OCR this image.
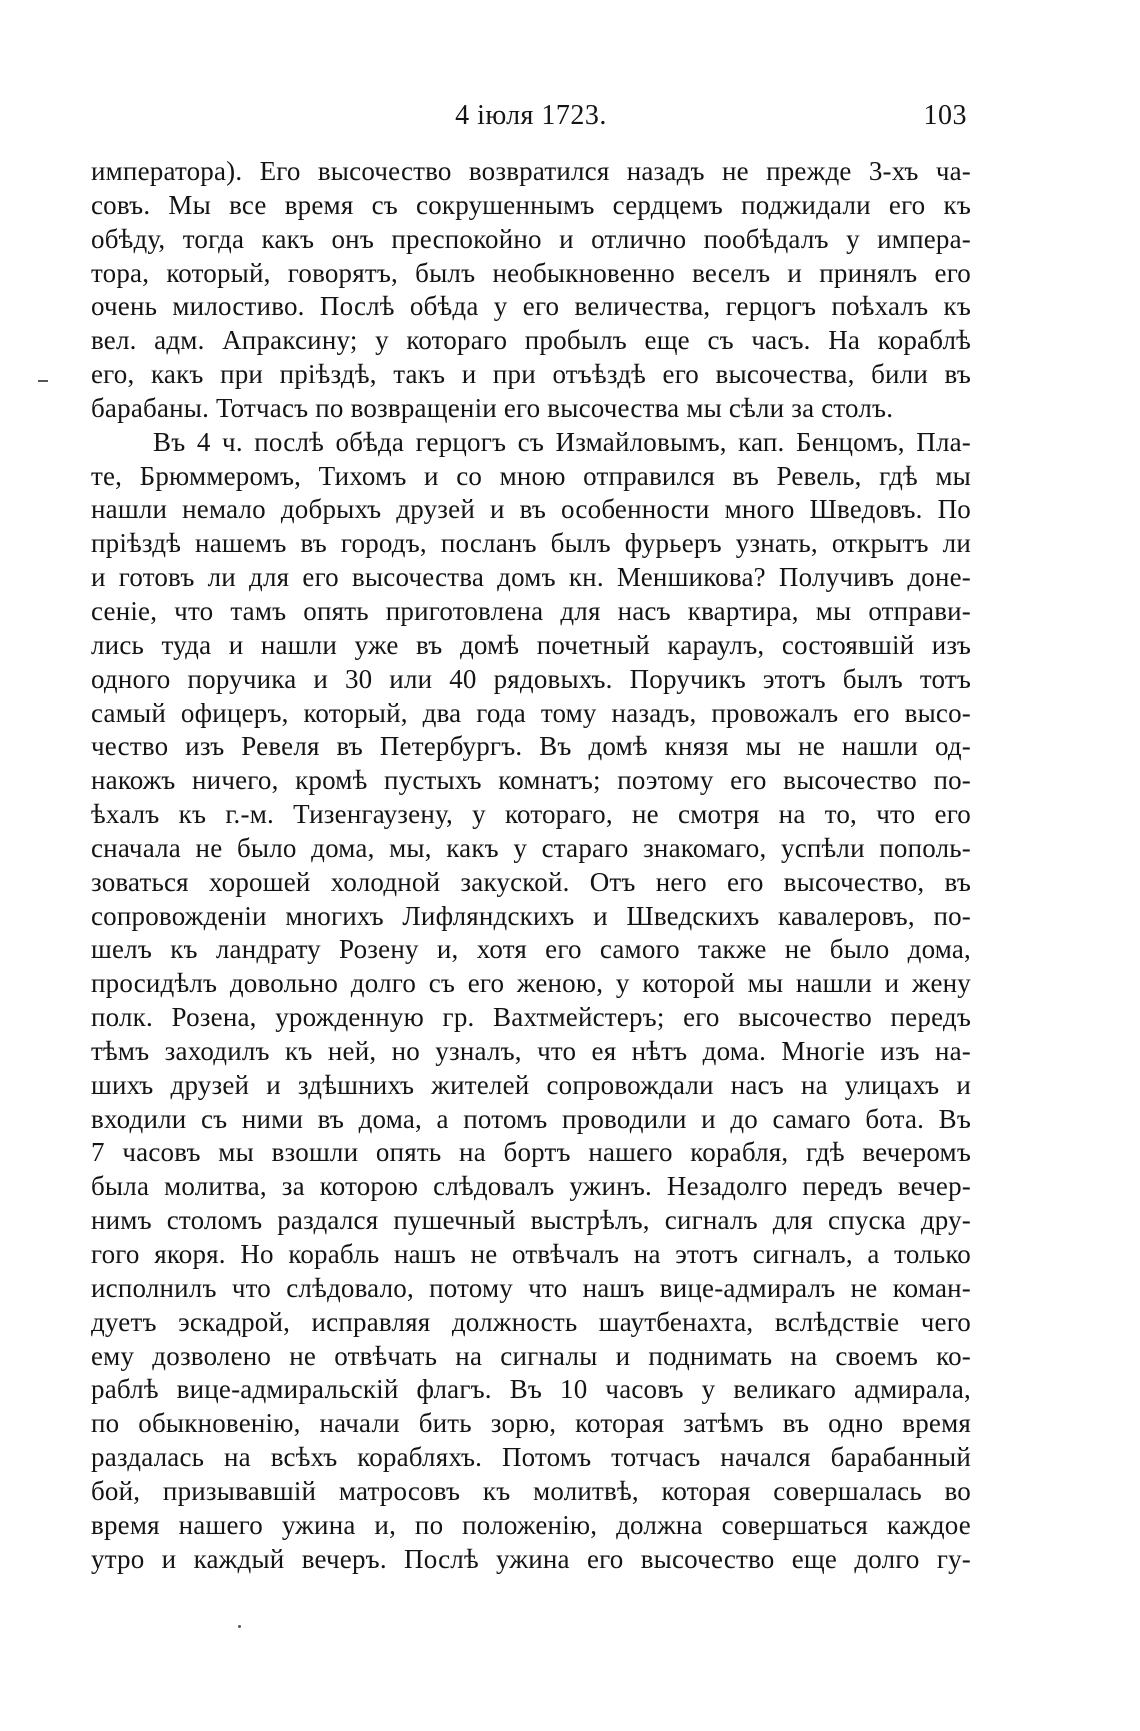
4 іюля 1723.	103
императора). Его высочество возвратился назадъ не прежде 3-хъ ча-
совъ. Мы все время съ сокрушеннымъ сердцемъ поджидали его къ
обѣду, тогда какъ онъ преспокойно и отлично пообѣдалъ у импера-
тора, который, говорятъ, былъ необыкновенно веселъ и принялъ его
очень милостиво. Послѣ обѣда у его величества, герцогъ поѣхалъ къ
вел. адм. Апраксину; у котораго пробылъ еще съ часъ. На кораблѣ
его, какъ при пріѣздѣ, такъ и при отъѣздѣ его высочества, били въ
барабаны. Тотчасъ по возвращеніи его высочества мы сѣли за столъ.
Въ 4 ч. послѣ обѣда герцогъ съ Измайловымъ, кап. Бенцомъ, Пла-
те, Брюммеромъ, Тихомъ и со мною отправился въ Ревель, гдѣ мы
нашли немало добрыхъ друзей и въ особенности много Шведовъ. По
пріѣздѣ нашемъ въ городъ, посланъ былъ фурьеръ узнать, открытъ ли
и готовъ ли для его высочества домъ кн. Меншикова? Получивъ доне-
сеніе, что тамъ опять приготовлена для насъ квартира, мы отправи-
лись туда и нашли уже въ домѣ почетный караулъ, состоявшій изъ
одного поручика и 30 или 40 рядовыхъ. Поручикъ этотъ былъ тотъ
самый офицеръ, который, два года тому назадъ, провожалъ его высо-
чество изъ Ревеля въ Петербургъ. Въ домѣ князя мы не нашли од-
накожъ ничего, кромѣ пустыхъ комнатъ; поэтому его высочество по-
ѣхалъ къ г.-м. Тизенгаузену, у котораго, не смотря на то, что его
сначала не было дома, мы, какъ у стараго знакомаго, успѣли пополь-
зоваться хорошей холодной закуской. Отъ него его высочество, въ
сопровожденіи многихъ Лифляндскихъ и Шведскихъ кавалеровъ, по-
шелъ къ ландрату Розену и, хотя его самого также не было дома,
просидѣлъ довольно долго съ его женою, у которой мы нашли и жену
полк. Розена, урожденную гр. Вахтмейстеръ; его высочество передъ
тѣмъ заходилъ къ ней, но узналъ, что ея нѣтъ дома. Многіе изъ на-
шихъ друзей и здѣшнихъ жителей сопровождали насъ на улицахъ и
входили съ ними въ дома, а потомъ проводили и до самаго бота. Въ
7 часовъ мы взошли опять на бортъ нашего корабля, гдѣ вечеромъ
была молитва, за которою слѣдовалъ ужинъ. Незадолго передъ вечер-
нимъ столомъ раздался пушечный выстрѣлъ, сигналъ для спуска дру-
гого якоря. Но корабль нашъ не отвѣчалъ на этотъ сигналъ, а только
исполнилъ что слѣдовало, потому что нашъ вице-адмиралъ не коман-
дуетъ эскадрой, исправляя должность шаутбенахта, вслѣдствіе чего
ему дозволено не отвѣчать на сигналы и поднимать на своемъ ко-
раблѣ вице-адмиральскій флагъ. Въ 10 часовъ у великаго адмирала,
по обыкновенію, начали бить зорю, которая затѣмъ въ одно время
раздалась на всѣхъ корабляхъ. Потомъ тотчасъ начался барабанный
бой, призывавшій матросовъ къ молитвѣ, которая совершалась во
время нашего ужина и, по положенію, должна совершаться каждое
утро и каждый вечеръ. Послѣ ужина его высочество еще долго гу-
